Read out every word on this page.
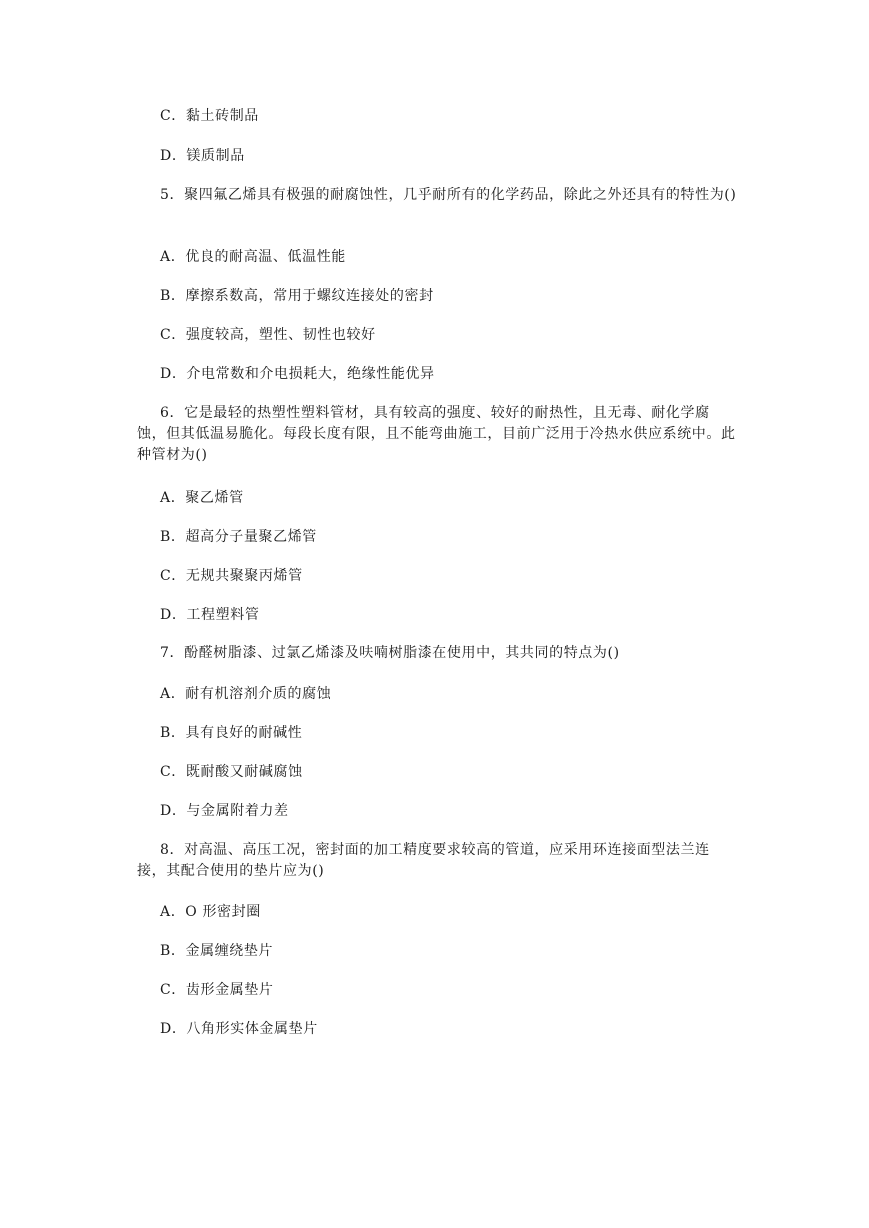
C．黏土砖制品
D．镁质制品
5．聚四氟乙烯具有极强的耐腐蚀性，几乎耐所有的化学药品，除此之外还具有的特性为()
A．优良的耐高温、低温性能
B．摩擦系数高，常用于螺纹连接处的密封
C．强度较高，塑性、韧性也较好
D．介电常数和介电损耗大，绝缘性能优异
6．它是最轻的热塑性塑料管材，具有较高的强度、较好的耐热性，且无毒、耐化学腐蚀，但其低温易脆化。每段长度有限，且不能弯曲施工，目前广泛用于冷热水供应系统中。此种管材为()
A．聚乙烯管
B．超高分子量聚乙烯管
C．无规共聚聚丙烯管
D．工程塑料管
7．酚醛树脂漆、过氯乙烯漆及呋喃树脂漆在使用中，其共同的特点为()
A．耐有机溶剂介质的腐蚀
B．具有良好的耐碱性
C．既耐酸又耐碱腐蚀
D．与金属附着力差
8．对高温、高压工况，密封面的加工精度要求较高的管道，应采用环连接面型法兰连接，其配合使用的垫片应为()
A．O 形密封圈
B．金属缠绕垫片
C．齿形金属垫片
D．八角形实体金属垫片
